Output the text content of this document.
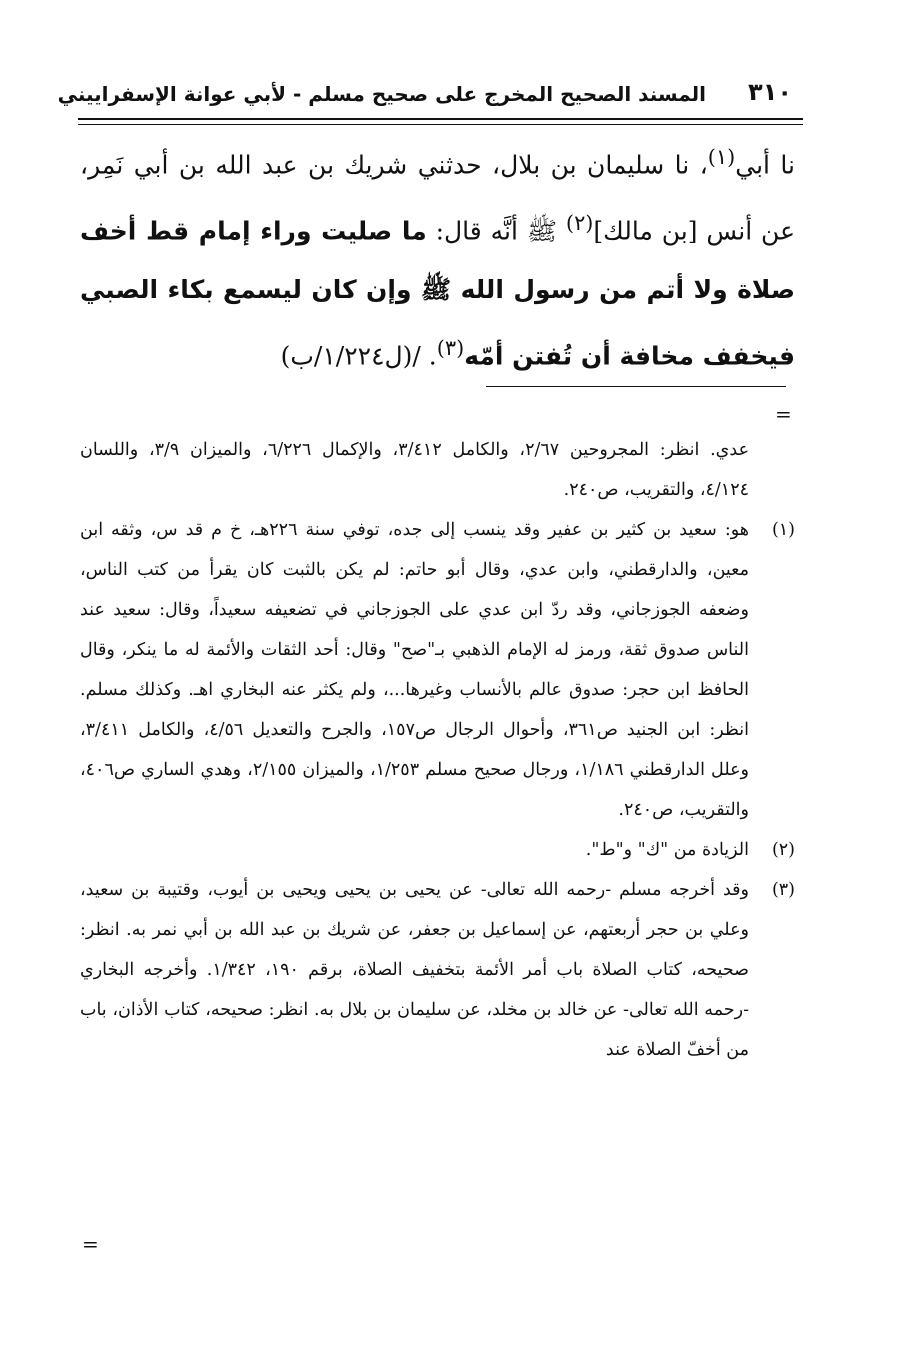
٣١٠
المسند الصحيح المخرج على صحيح مسلم - لأبي عوانة الإسفراييني

نا أبي$^{(١)}$، نا سليمان بن بلال، حدثني شريك بن عبد الله بن أبي نَمِر، عن أنس [بن مالك]$^{(٢)}$ ﷺ أنَّه قال: ما صليت وراء إمام قط أخف صلاة ولا أتم من رسول الله ﷺ وإن كان ليسمع بكاء الصبي فيخفف مخافة أن تُفتن أمّه$^{(٣)}$. /(ل١/٢٢٤/ب)

=

عدي. انظر: المجروحين ٢/٦٧، والكامل ٣/٤١٢، والإكمال ٦/٢٢٦، والميزان ٣/٩، واللسان ٤/١٢٤، والتقريب، ص٢٤٠.

(١)هو: سعيد بن كثير بن عفير وقد ينسب إلى جده، توفي سنة ٢٢٦هـ، خ م قد س، وثقه ابن معين، والدارقطني، وابن عدي، وقال أبو حاتم: لم يكن بالثبت كان يقرأ من كتب الناس، وضعفه الجوزجاني، وقد ردّ ابن عدي على الجوزجاني في تضعيفه سعيداً، وقال: سعيد عند الناس صدوق ثقة، ورمز له الإمام الذهبي بـ"صح" وقال: أحد الثقات والأئمة له ما ينكر، وقال الحافظ ابن حجر: صدوق عالم بالأنساب وغيرها...، ولم يكثر عنه البخاري اهـ. وكذلك مسلم. انظر: ابن الجنيد ص٣٦١، وأحوال الرجال ص١٥٧، والجرح والتعديل ٤/٥٦، والكامل ٣/٤١١، وعلل الدارقطني ١/١٨٦، ورجال صحيح مسلم ١/٢٥٣، والميزان ٢/١٥٥، وهدي الساري ص٤٠٦، والتقريب، ص٢٤٠.

(٢)الزيادة من "ك" و"ط".

(٣)وقد أخرجه مسلم -رحمه الله تعالى- عن يحيى بن يحيى ويحيى بن أيوب، وقتيبة بن سعيد، وعلي بن حجر أربعتهم، عن إسماعيل بن جعفر، عن شريك بن عبد الله بن أبي نمر به. انظر: صحيحه، كتاب الصلاة باب أمر الأئمة بتخفيف الصلاة، برقم ١٩٠، ١/٣٤٢. وأخرجه البخاري -رحمه الله تعالى- عن خالد بن مخلد، عن سليمان بن بلال به. انظر: صحيحه، كتاب الأذان، باب من أخفّ الصلاة عند

=
